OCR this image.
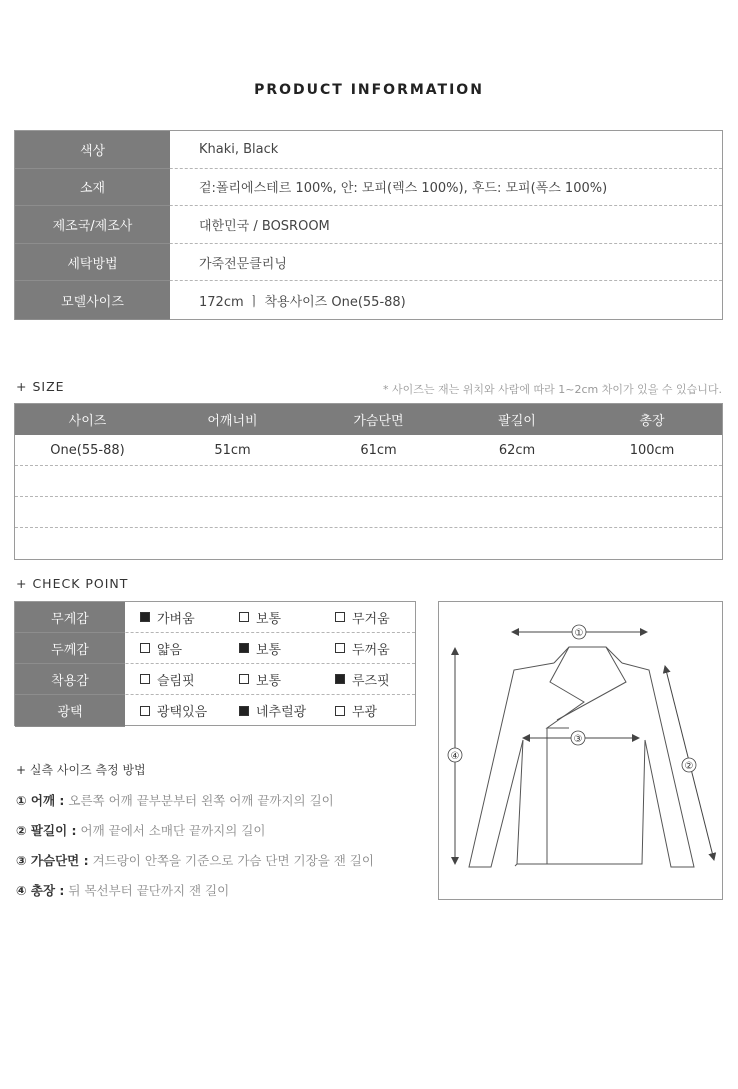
PRODUCT INFORMATION
색상	Khaki, Black
소재	겉:폴리에스테르 100%, 안: 모피(렉스 100%), 후드: 모피(폭스 100%)
제조국/제조사	대한민국 / BOSROOM
세탁방법	가죽전문클리닝
모델사이즈	172cm ㅣ 착용사이즈 One(55-88)
+ SIZE	* 사이즈는 재는 위치와 사람에 따라 1~2cm 차이가 있을 수 있습니다.
사이즈	어깨너비	가슴단면	팔길이	총장
One(55-88)	51cm	61cm	62cm	100cm
+ CHECK POINT
무게감	가벼움	보통	무거움
두께감	얇음	보통	두꺼움
착용감	슬림핏	보통	루즈핏
광택	광택있음	네추럴광	무광
①
②
③
④
+ 실측 사이즈 측정 방법
① 어깨 : 오른쪽 어깨 끝부분부터 왼쪽 어깨 끝까지의 길이
② 팔길이 : 어깨 끝에서 소매단 끝까지의 길이
③ 가슴단면 : 겨드랑이 안쪽을 기준으로 가슴 단면 기장을 잰 길이
④ 총장 : 뒤 목선부터 끝단까지 잰 길이
